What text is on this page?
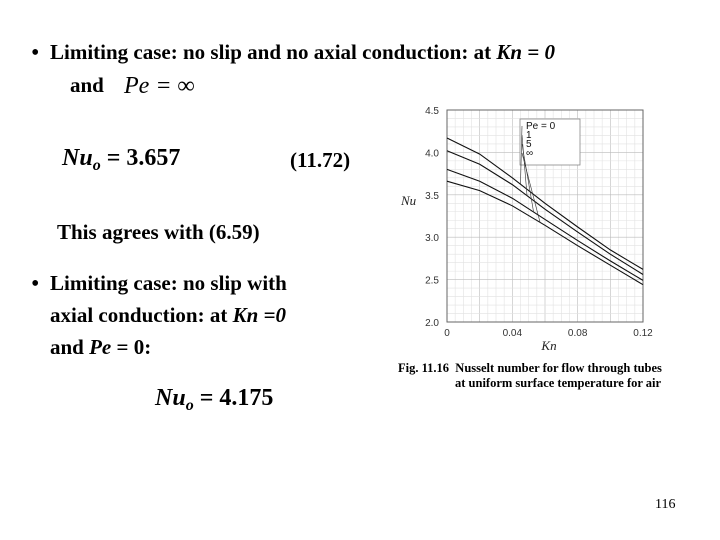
• Limiting case: no slip and no axial conduction: at Kn = 0
and Pe = ∞
$Nu_o = 3.657$	(11.72)
This agrees with (6.59)
• Limiting case: no slip with
axial conduction: at Kn =0
and Pe = 0:
$Nu_o = 4.175$
2.0
2.5
3.0
3.5
4.0
4.5
0	0.04	0.08	0.12
Pe = 0
1
5
∞
Kn
Nu
Fig. 11.16 Nusselt number for flow through tubes
at uniform surface temperature for air
116
